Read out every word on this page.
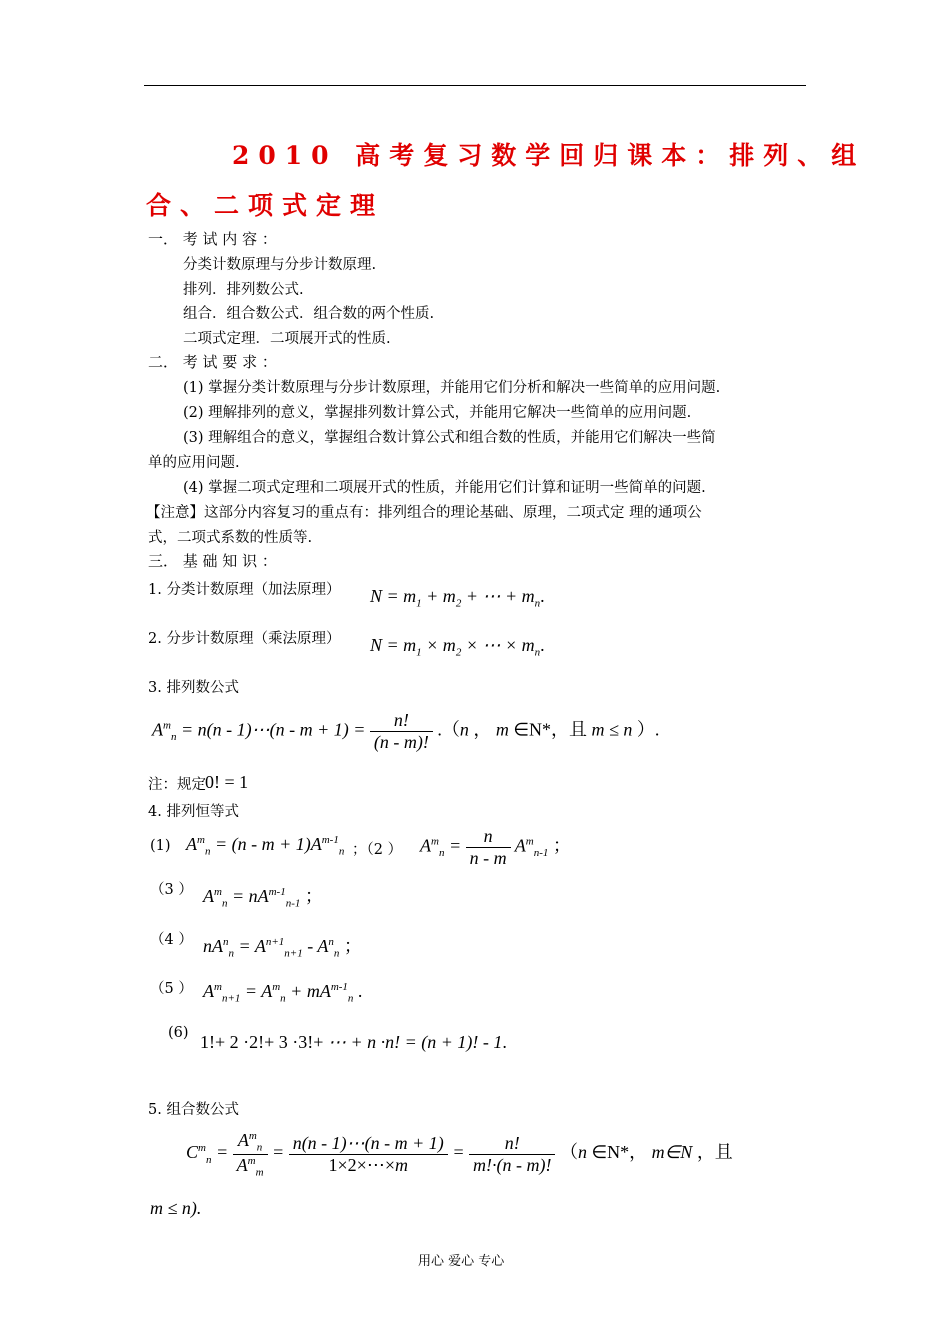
2010 高考复习数学回归课本：排列、组
合、二项式定理
一． 考 试 内 容 ：
分类计数原理与分步计数原理.
排列．排列数公式.
组合．组合数公式．组合数的两个性质.
二项式定理．二项展开式的性质.
二． 考 试 要 求 ：
(1) 掌握分类计数原理与分步计数原理，并能用它们分析和解决一些简单的应用问题.
(2) 理解排列的意义，掌握排列数计算公式，并能用它解决一些简单的应用问题.
(3) 理解组合的意义，掌握组合数计算公式和组合数的性质，并能用它们解决一些简
单的应用问题.
(4) 掌握二项式定理和二项展开式的性质，并能用它们计算和证明一些简单的问题.
【注意】这部分内容复习的重点有：排列组合的理论基础、原理，二项式定 理的通项公
式，二项式系数的性质等.
三． 基 础 知 识 ：
1. 分类计数原理（加法原理） $N = m_1 + m_2$ + ⋯ + $m_n$.
2. 分步计数原理（乘法原理） $N = m_1 \times m_2$ × ⋯ × $m_n$.
3. 排列数公式
$A^m_n = n(n$ - 1)⋯(n - $m + 1) = \frac{n!}{(n - m)!} .(n$ ， m ∈N*，且 m ≤ n ）.
注：规定 0! = 1
4. 排列恒等式
(1) $A^m_n = (n - m + 1)A^{m-1}_n$ ；（2 ） $A^m_n = \frac{n}{n - m} A^m_{n-1}$ ；
（3 ） $A^m_n = nA^{m-1}_{n-1}$ ；
（4 ） $nA^n_n = A^{n+1}_{n+1} - A^n_n$ ；
（5 ） $A^m_{n+1} = A^m_n + mA^{m-1}_n$ .
(6) 1!+ 2 ·2!+ 3 ·3!+ ⋯ + n ·n! = (n + 1)! - 1.
5. 组合数公式
$C^m_n = \frac{A^m_n}{A^m_m} = \frac{n(n - 1)\cdots(n - m + 1)}{1\times 2\times\cdots\times m} = \frac{n!}{m!\cdot(n - m)!} (n$ ∈N*， m∈N ，且
m ≤ n).
用心 爱心 专心
